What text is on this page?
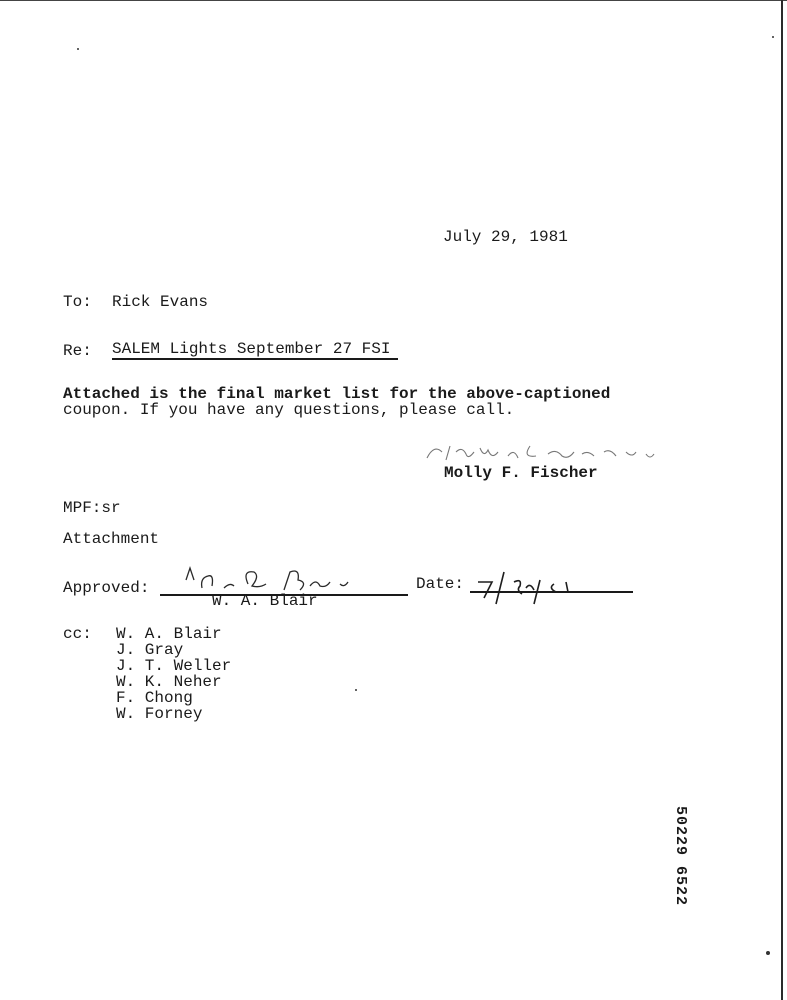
July 29, 1981
To: Rick Evans
Re: SALEM Lights September 27 FSI
Attached is the final market list for the above-captioned
coupon. If you have any questions, please call.
Molly F. Fischer
MPF:sr
Attachment
Approved:
W. A. Blair
Date:
cc: W. A. Blair
J. Gray
J. T. Weller
W. K. Neher
F. Chong
W. Forney
50229 6522
